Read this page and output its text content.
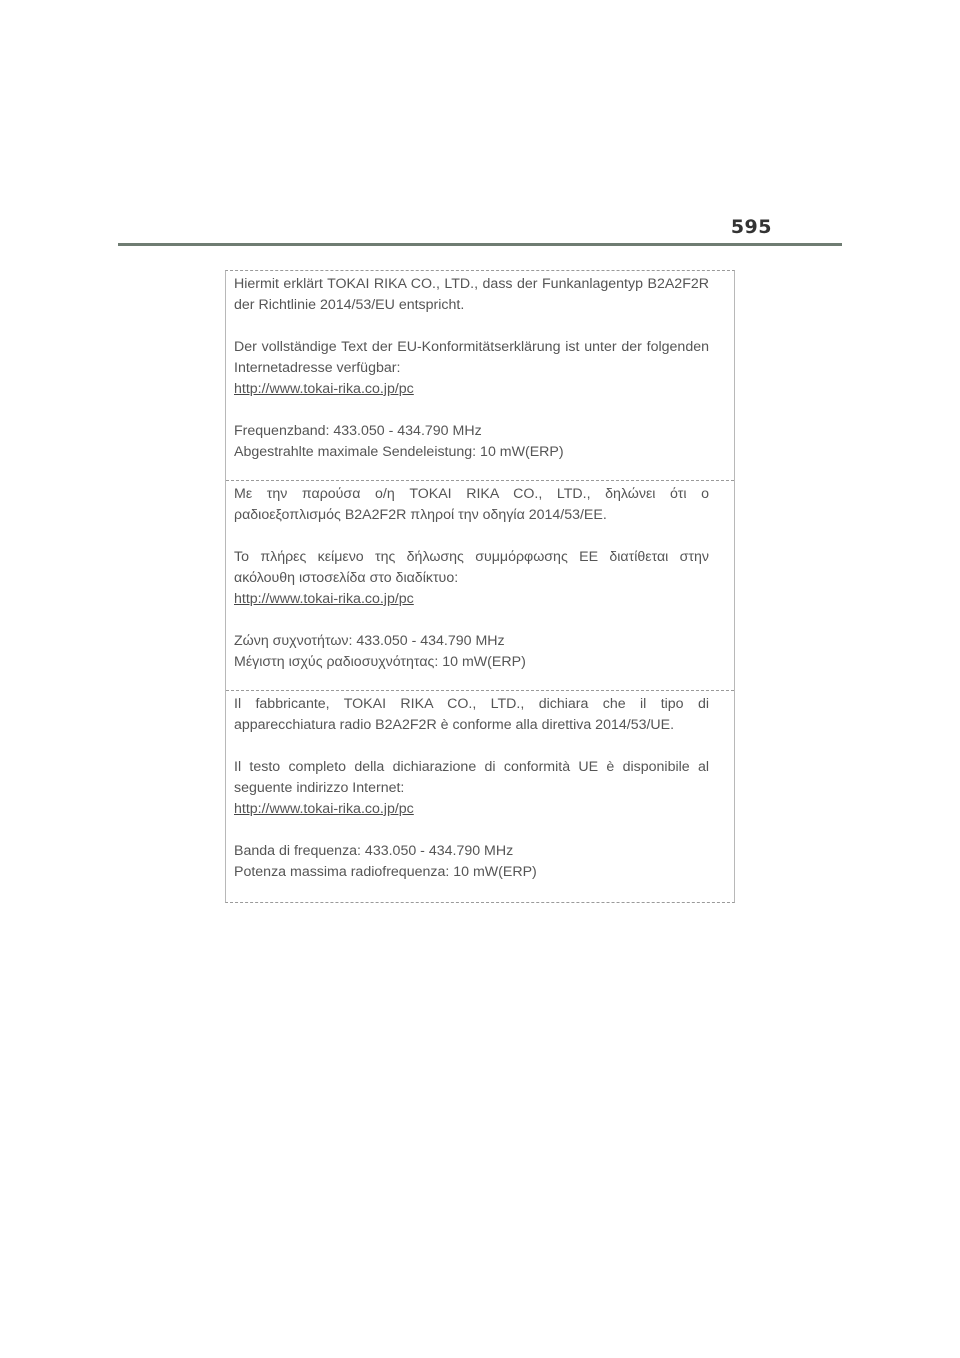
595

Hiermit erklärt TOKAI RIKA CO., LTD., dass der Funkanlagentyp B2A2F2R der Richtlinie 2014/53/EU entspricht.

Der vollständige Text der EU-Konformitätserklärung ist unter der folgenden Internetadresse verfügbar:

http://www.tokai-rika.co.jp/pc
Frequenzband: 433.050 - 434.790 MHz
Abgestrahlte maximale Sendeleistung: 10 mW(ERP)

Με την παρούσα ο/η TOKAI RIKA CO., LTD., δηλώνει ότι ο ραδιοεξοπλισμός B2A2F2R πληροί την οδηγία 2014/53/ΕΕ.

Το πλήρες κείμενο της δήλωσης συμμόρφωσης ΕΕ διατίθεται στην ακόλουθη ιστοσελίδα στο διαδίκτυο:

http://www.tokai-rika.co.jp/pc
Ζώνη συχνοτήτων: 433.050 - 434.790 MHz
Μέγιστη ισχύς ραδιοσυχνότητας: 10 mW(ERP)

Il fabbricante, TOKAI RIKA CO., LTD., dichiara che il tipo di apparecchiatura radio B2A2F2R è conforme alla direttiva 2014/53/UE.

Il testo completo della dichiarazione di conformità UE è disponibile al seguente indirizzo Internet:

http://www.tokai-rika.co.jp/pc
Banda di frequenza: 433.050 - 434.790 MHz
Potenza massima radiofrequenza: 10 mW(ERP)
